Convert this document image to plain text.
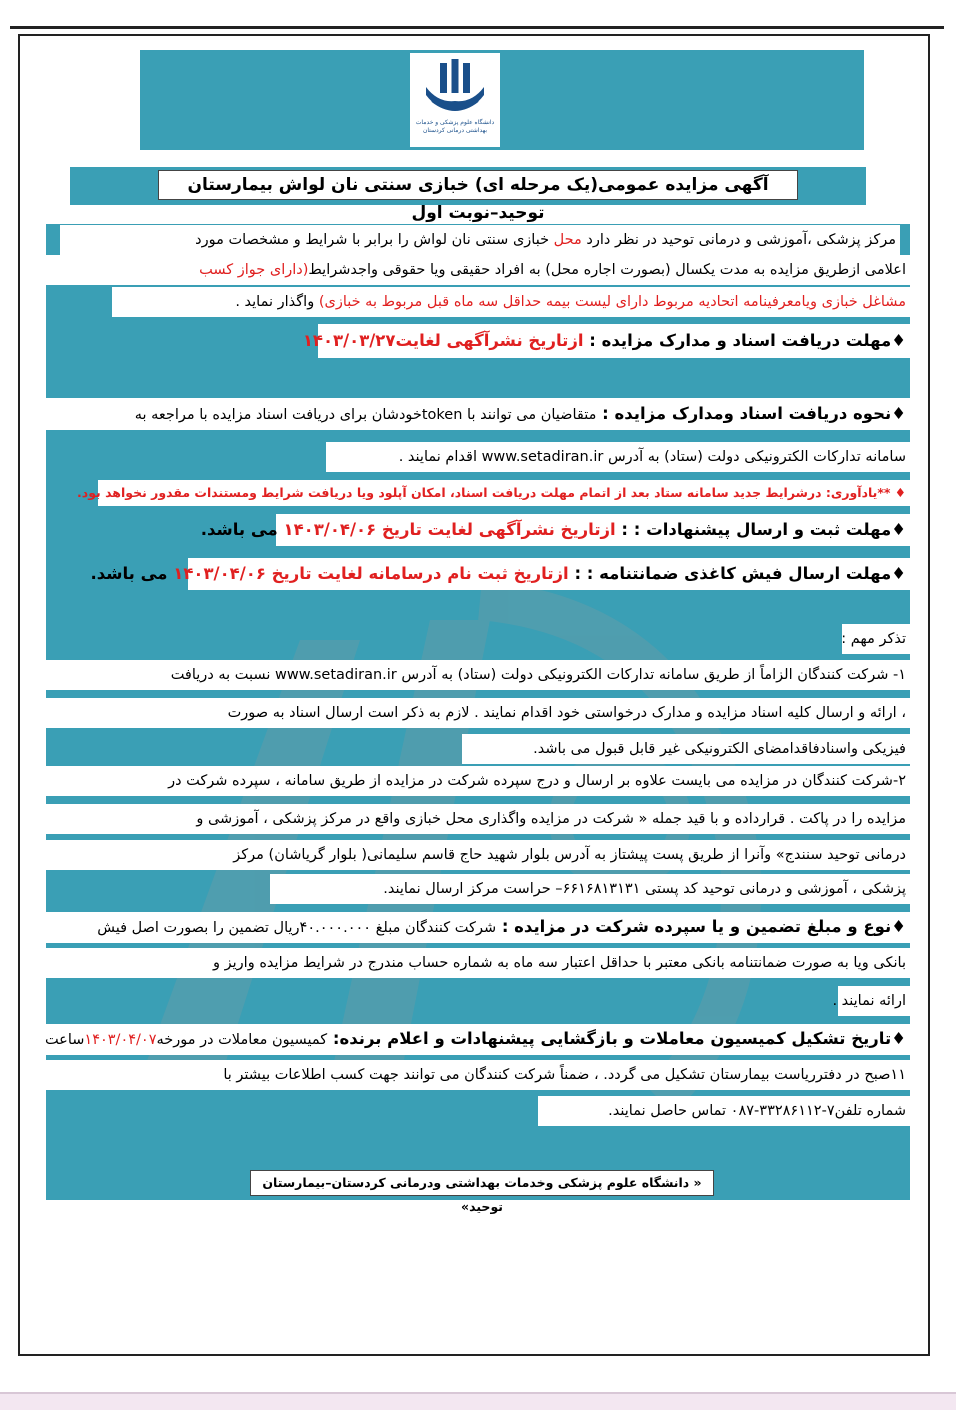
دانشگاه علوم پزشکی و خدمات بهداشتی درمانی کردستان
آگهی مزایده عمومی(یک مرحله ای) خبازی سنتی نان لواش بیمارستان توحید–نوبت اول
مرکز پزشکی ،آموزشی و درمانی توحید در نظر دارد محل خبازی سنتی نان لواش را برابر با شرایط و مشخصات مورد
اعلامی ازطریق مزایده به مدت یکسال (بصورت اجاره محل) به افراد حقیقی ویا حقوقی واجدشرایط(دارای جواز کسب
مشاغل خبازی ویامعرفینامه اتحادیه مربوط دارای لیست بیمه حداقل سه ماه قبل مربوط به خبازی) واگذار نماید .
♦مهلت دریافت اسناد و مدارک مزایده : ازتاریخ نشرآگهی لغایت۱۴۰۳/۰۳/۲۷
♦نحوه دریافت اسناد ومدارک مزایده : متقاضیان می توانند با tokenخودشان برای دریافت اسناد مزایده با مراجعه به
سامانه تدارکات الکترونیکی دولت (ستاد) به آدرس www.setadiran.ir اقدام نمایند .
♦ **یادآوری: درشرایط جدید سامانه ستاد بعد از اتمام مهلت دریافت اسناد، امکان آپلود ویا دریافت شرایط ومستندات مقدور نخواهد بود.
♦مهلت ثبت و ارسال پیشنهادات : : ازتاریخ نشرآگهی لغایت تاریخ ۱۴۰۳/۰۴/۰۶ می باشد.
♦مهلت ارسال فیش کاغذی ضمانتنامه : : ازتاریخ ثبت نام درسامانه لغایت تاریخ ۱۴۰۳/۰۴/۰۶ می باشد.
تذکر مهم :
۱- شرکت کنندگان الزاماً از طریق سامانه تدارکات الکترونیکی دولت (ستاد) به آدرس www.setadiran.ir نسبت به دریافت
، ارائه و ارسال کلیه اسناد مزایده و مدارک درخواستی خود اقدام نمایند . لازم به ذکر است ارسال اسناد به صورت
فیزیکی واسنادفاقدامضای الکترونیکی غیر قابل قبول می باشد.
۲-شرکت کنندگان در مزایده می بایست علاوه بر ارسال و درج سپرده شرکت در مزایده از طریق سامانه ، سپرده شرکت در
مزایده را در پاکت . قرارداده و با قید جمله « شرکت در مزایده واگذاری محل خبازی واقع در مرکز پزشکی ، آموزشی و
درمانی توحید سنندج» وآنرا از طریق پست پیشتاز به آدرس بلوار شهید حاج قاسم سلیمانی( بلوار گریاشان) مرکز
پزشکی ، آموزشی و درمانی توحید کد پستی ۶۶۱۶۸۱۳۱۳۱– حراست مرکز ارسال نمایند.
♦نوع و مبلغ تضمین و یا سپرده شرکت در مزایده : شرکت کنندگان مبلغ ۴۰.۰۰۰.۰۰۰ریال تضمین را بصورت اصل فیش
بانکی ویا به صورت ضمانتنامه بانکی معتبر با حداقل اعتبار سه ماه به شماره حساب مندرج در شرایط مزایده واریز و
ارائه نمایند .
♦تاریخ تشکیل کمیسیون معاملات و بازگشایی پیشنهادات و اعلام برنده: کمیسیون معاملات در مورخه۱۴۰۳/۰۴/۰۷ساعت
۱۱صبح در دفترریاست بیمارستان تشکیل می گردد. ، ضمناً شرکت کنندگان می توانند جهت کسب اطلاعات بیشتر با
شماره تلفن۷-۳۳۲۸۶۱۱۲-۰۸۷ تماس حاصل نمایند.
« دانشگاه علوم پزشکی وخدمات بهداشتی ودرمانی کردستان–بیمارستان توحید»
